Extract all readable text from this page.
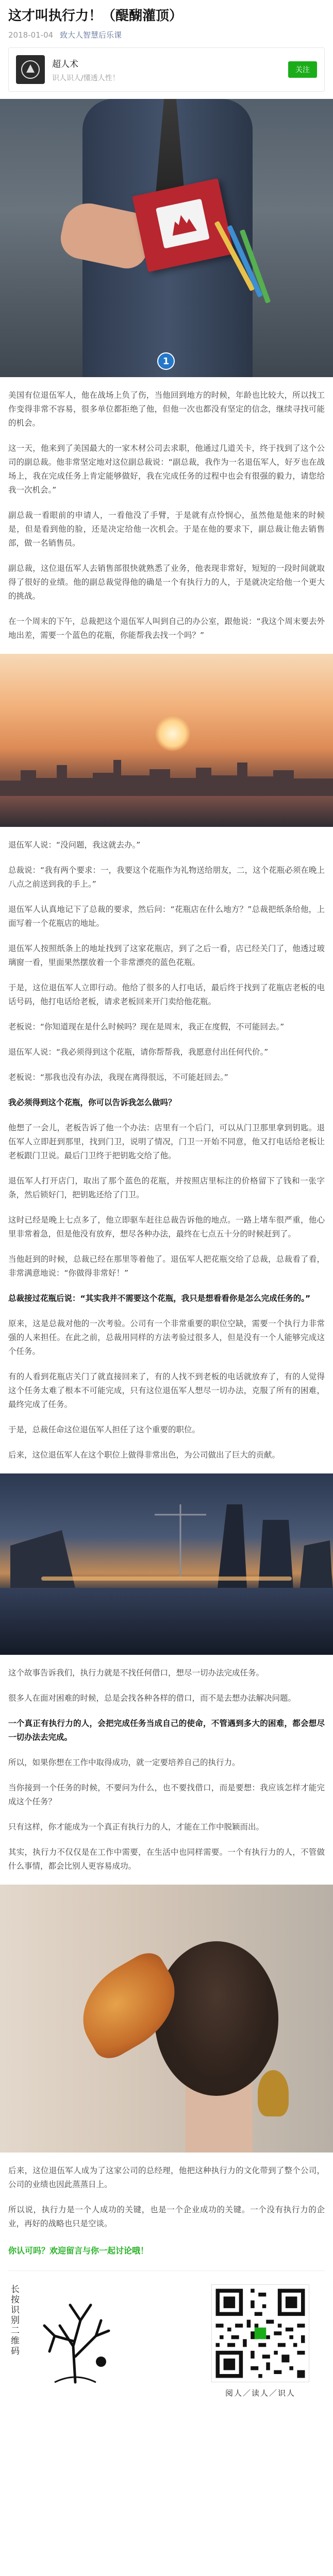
这才叫执行力！（醍醐灌顶）
2018-01-04 致大人智慧后乐课
超人术
识人识人/懂透人性！
关注
1

美国有位退伍军人，他在战场上负了伤，当他回到地方的时候，年龄也比较大，所以找工作变得非常不容易，很多单位都拒绝了他，但他一次也都没有坚定的信念，继续寻找可能的机会。

这一天，他来到了美国最大的一家木材公司去求职，他通过几道关卡，终于找到了这个公司的副总裁。他非常坚定地对这位副总裁说：“副总裁，我作为一名退伍军人，好歹也在战场上，我在完成任务上肯定能够做好，我在完成任务的过程中也会有很强的毅力，请您给我一次机会。”

副总裁一看眼前的申请人，一看他没了手臂，于是就有点怜悯心，虽然他是他来的时候是，但是看到他的脸，还是决定给他一次机会。于是在他的要求下，副总裁让他去销售部，做一名销售员。

副总裁，这位退伍军人去销售部很快就熟悉了业务，他表现非常好，短短的一段时间就取得了很好的业绩。他的副总裁觉得他的确是一个有执行力的人，于是就决定给他一个更大的挑战。

在一个周末的下午，总裁把这个退伍军人叫到自己的办公室，跟他说：“我这个周末要去外地出差，需要一个蓝色的花瓶，你能帮我去找一个吗？”

退伍军人说：“没问题，我这就去办。”

总裁说：“我有两个要求：一，我要这个花瓶作为礼物送给朋友，二，这个花瓶必须在晚上八点之前送到我的手上。”

退伍军人认真地记下了总裁的要求，然后问：“花瓶店在什么地方？”总裁把纸条给他，上面写着一个花瓶店的地址。

退伍军人按照纸条上的地址找到了这家花瓶店，到了之后一看，店已经关门了，他透过玻璃窗一看，里面果然摆放着一个非常漂亮的蓝色花瓶。

于是，这位退伍军人立即行动。他给了很多的人打电话，最后终于找到了花瓶店老板的电话号码，他打电话给老板，请求老板回来开门卖给他花瓶。

老板说：“你知道现在是什么时候吗？现在是周末，我正在度假，不可能回去。”

退伍军人说：“我必须得到这个花瓶，请你帮帮我，我愿意付出任何代价。”

老板说：“那我也没有办法，我现在离得很远，不可能赶回去。”

我必须得到这个花瓶，你可以告诉我怎么做吗？

他想了一会儿，老板告诉了他一个办法：店里有一个后门，可以从门卫那里拿到钥匙。退伍军人立即赶到那里，找到门卫，说明了情况，门卫一开始不同意，他又打电话给老板让老板跟门卫说。最后门卫终于把钥匙交给了他。

退伍军人打开店门，取出了那个蓝色的花瓶，并按照店里标注的价格留下了钱和一张字条，然后锁好门，把钥匙还给了门卫。

这时已经是晚上七点多了，他立即驱车赶往总裁告诉他的地点。一路上堵车很严重，他心里非常着急，但是他没有放弃，想尽各种办法，最终在七点五十分的时候赶到了。

当他赶到的时候，总裁已经在那里等着他了。退伍军人把花瓶交给了总裁，总裁看了看，非常满意地说：“你做得非常好！”

总裁接过花瓶后说：“其实我并不需要这个花瓶，我只是想看看你是怎么完成任务的。”

原来，这是总裁对他的一次考验。公司有一个非常重要的职位空缺，需要一个执行力非常强的人来担任。在此之前，总裁用同样的方法考验过很多人，但是没有一个人能够完成这个任务。

有的人看到花瓶店关门了就直接回来了，有的人找不到老板的电话就放弃了，有的人觉得这个任务太难了根本不可能完成，只有这位退伍军人想尽一切办法，克服了所有的困难，最终完成了任务。

于是，总裁任命这位退伍军人担任了这个重要的职位。

后来，这位退伍军人在这个职位上做得非常出色，为公司做出了巨大的贡献。

这个故事告诉我们，执行力就是不找任何借口，想尽一切办法完成任务。

很多人在面对困难的时候，总是会找各种各样的借口，而不是去想办法解决问题。

一个真正有执行力的人，会把完成任务当成自己的使命，不管遇到多大的困难，都会想尽一切办法去完成。

所以，如果你想在工作中取得成功，就一定要培养自己的执行力。

当你接到一个任务的时候，不要问为什么，也不要找借口，而是要想：我应该怎样才能完成这个任务？

只有这样，你才能成为一个真正有执行力的人，才能在工作中脱颖而出。

其实，执行力不仅仅是在工作中需要，在生活中也同样需要。一个有执行力的人，不管做什么事情，都会比别人更容易成功。

后来，这位退伍军人成为了这家公司的总经理，他把这种执行力的文化带到了整个公司，公司的业绩也因此蒸蒸日上。

所以说，执行力是一个人成功的关键，也是一个企业成功的关键。一个没有执行力的企业，再好的战略也只是空谈。

你认可吗？欢迎留言与你一起讨论哦！

长按识别二维码
阅人／读人／识人
